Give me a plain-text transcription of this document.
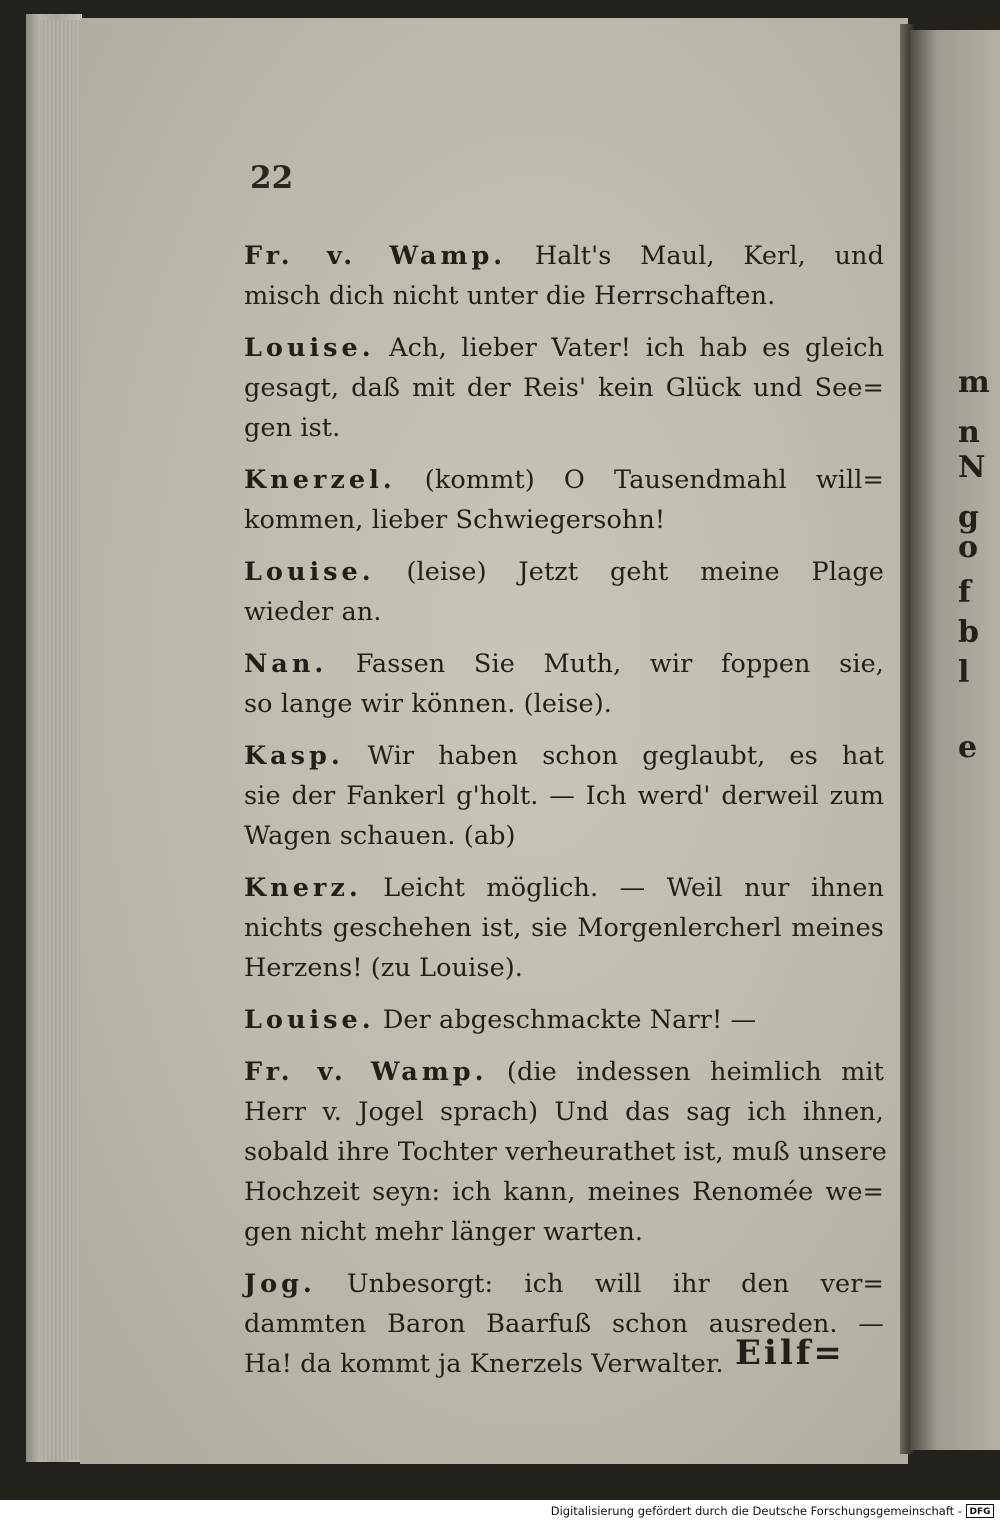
m
n
N
g
o
f
b
l
e
22
Fr. v. Wamp. Halt's Maul, Kerl, und
misch dich nicht unter die Herrschaften.
Louise. Ach, lieber Vater! ich hab es gleich
gesagt, daß mit der Reis' kein Glück und See=
gen ist.
Knerzel. (kommt) O Tausendmahl will=
kommen, lieber Schwiegersohn!
Louise. (leise) Jetzt geht meine Plage
wieder an.
Nan. Fassen Sie Muth, wir foppen sie,
so lange wir können. (leise).
Kasp. Wir haben schon geglaubt, es hat
sie der Fankerl g'holt. — Ich werd' derweil zum
Wagen schauen. (ab)
Knerz. Leicht möglich. — Weil nur ihnen
nichts geschehen ist, sie Morgenlercherl meines
Herzens! (zu Louise).
Louise. Der abgeschmackte Narr! —
Fr. v. Wamp. (die indessen heimlich mit
Herr v. Jogel sprach) Und das sag ich ihnen,
sobald ihre Tochter verheurathet ist, muß unsere
Hochzeit seyn: ich kann, meines Renomée we=
gen nicht mehr länger warten.
Jog. Unbesorgt: ich will ihr den ver=
dammten Baron Baarfuß schon ausreden. —
Ha! da kommt ja Knerzels Verwalter. Eilf=
Digitalisierung gefördert durch die Deutsche Forschungsgemeinschaft - DFG
